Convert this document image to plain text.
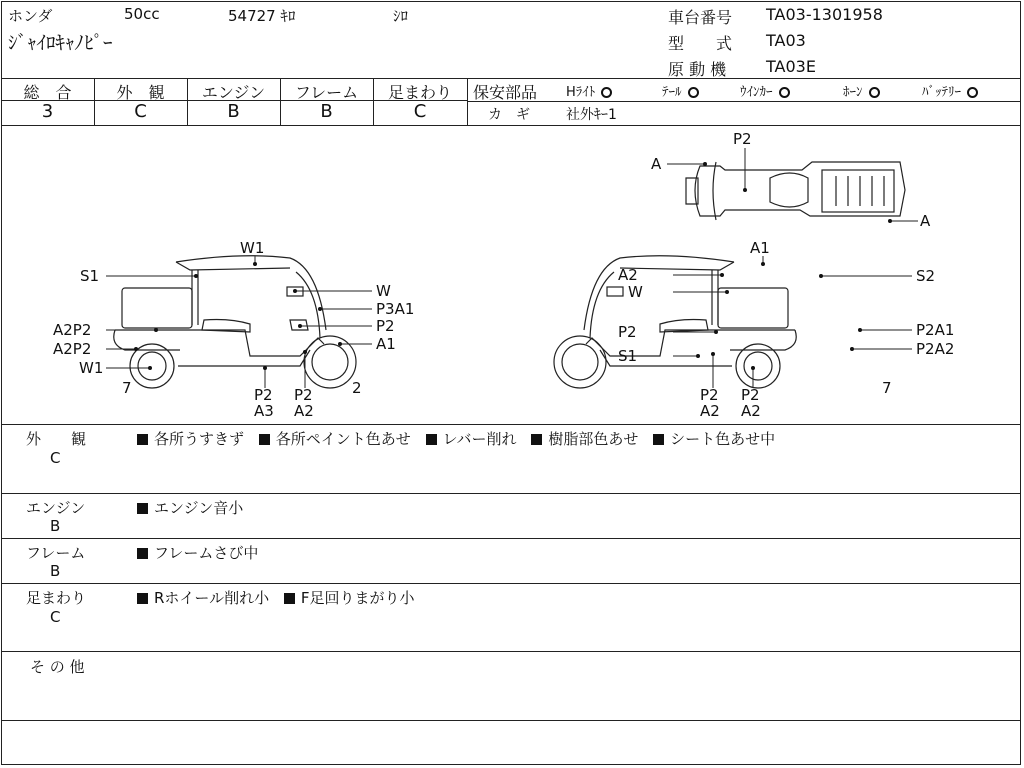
ホンダ	50cc	54727 ｷﾛ	ｼﾛ
ｼﾞｬｲﾛｷｬﾉﾋﾟｰ
車台番号 TA03-1301958
型　　式 TA03
原 動 機 TA03E
総　合	外　観	エンジン	フレーム	足まわり
3	C	B	B	C
保安部品 Hﾗｲﾄ	ﾃｰﾙ	ｳｲﾝｶｰ	ﾎｰﾝ	ﾊﾞｯﾃﾘｰ
カ　ギ	社外ｷｰ1
W1
S1
W
P3A1
P2
A1
A2P2
A2P2
W1
7	P2
A3
P2
A2
2
P2
A
A
A1
A2	S2
W
P2	P2A1
S1	P2A2
P2
A2
P2
A2
7
外　　観
C
各所うすきず 各所ペイント色あせ レバー削れ 樹脂部色あせ シート色あせ中
エンジン
B
エンジン音小
フレーム
B
フレームさび中
足まわり
C
Rホイール削れ小 F足回りまがり小
そ の 他
